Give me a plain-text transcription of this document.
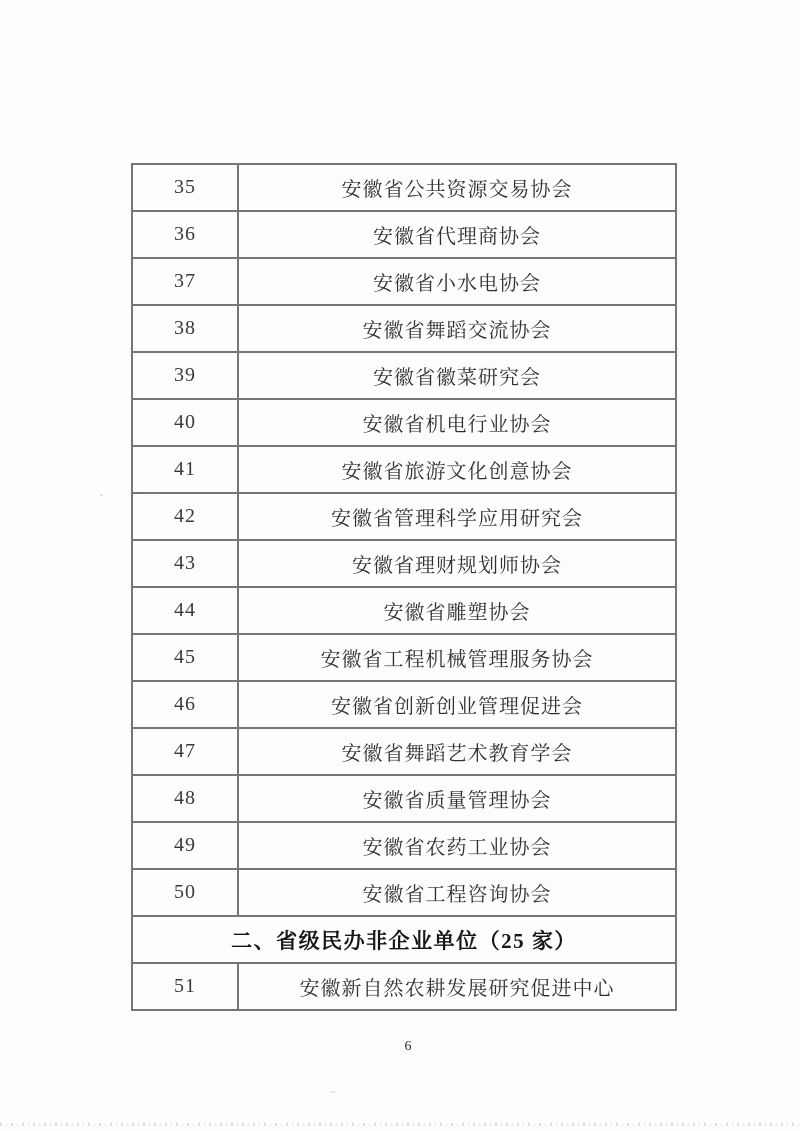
35	安徽省公共资源交易协会
36	安徽省代理商协会
37	安徽省小水电协会
38	安徽省舞蹈交流协会
39	安徽省徽菜研究会
40	安徽省机电行业协会
41	安徽省旅游文化创意协会
42	安徽省管理科学应用研究会
43	安徽省理财规划师协会
44	安徽省雕塑协会
45	安徽省工程机械管理服务协会
46	安徽省创新创业管理促进会
47	安徽省舞蹈艺术教育学会
48	安徽省质量管理协会
49	安徽省农药工业协会
50	安徽省工程咨询协会
二、省级民办非企业单位（25 家）	
51	安徽新自然农耕发展研究促进中心
6
